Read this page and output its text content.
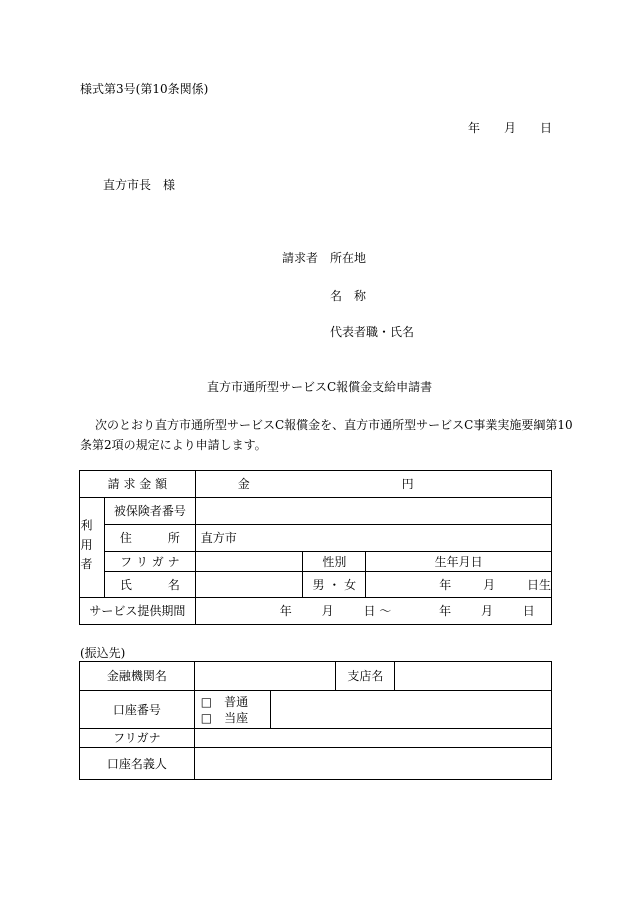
様式第3号(第10条関係)
年 月 日
直方市長　様
請求者 所在地
名　称
代表者職・氏名
直方市通所型サービスC報償金支給申請書
次のとおり直方市通所型サービスC報償金を、直方市通所型サービスC事業実施要綱第10
条第2項の規定により申請します。
請 求 金 額		金 円		

利用者	被保険者番号			
	住　　　所	直方市		
	フ リ ガ ナ		性別	生年月日
	氏　　　名		男 ・ 女	年 月 日生
サービス提供期間		年 月 日 〜 年 月 日		
(振込先)
金融機関名			支店名	
口座番号	□　普通
□　当座			

フリガナ				
口座名義人				
